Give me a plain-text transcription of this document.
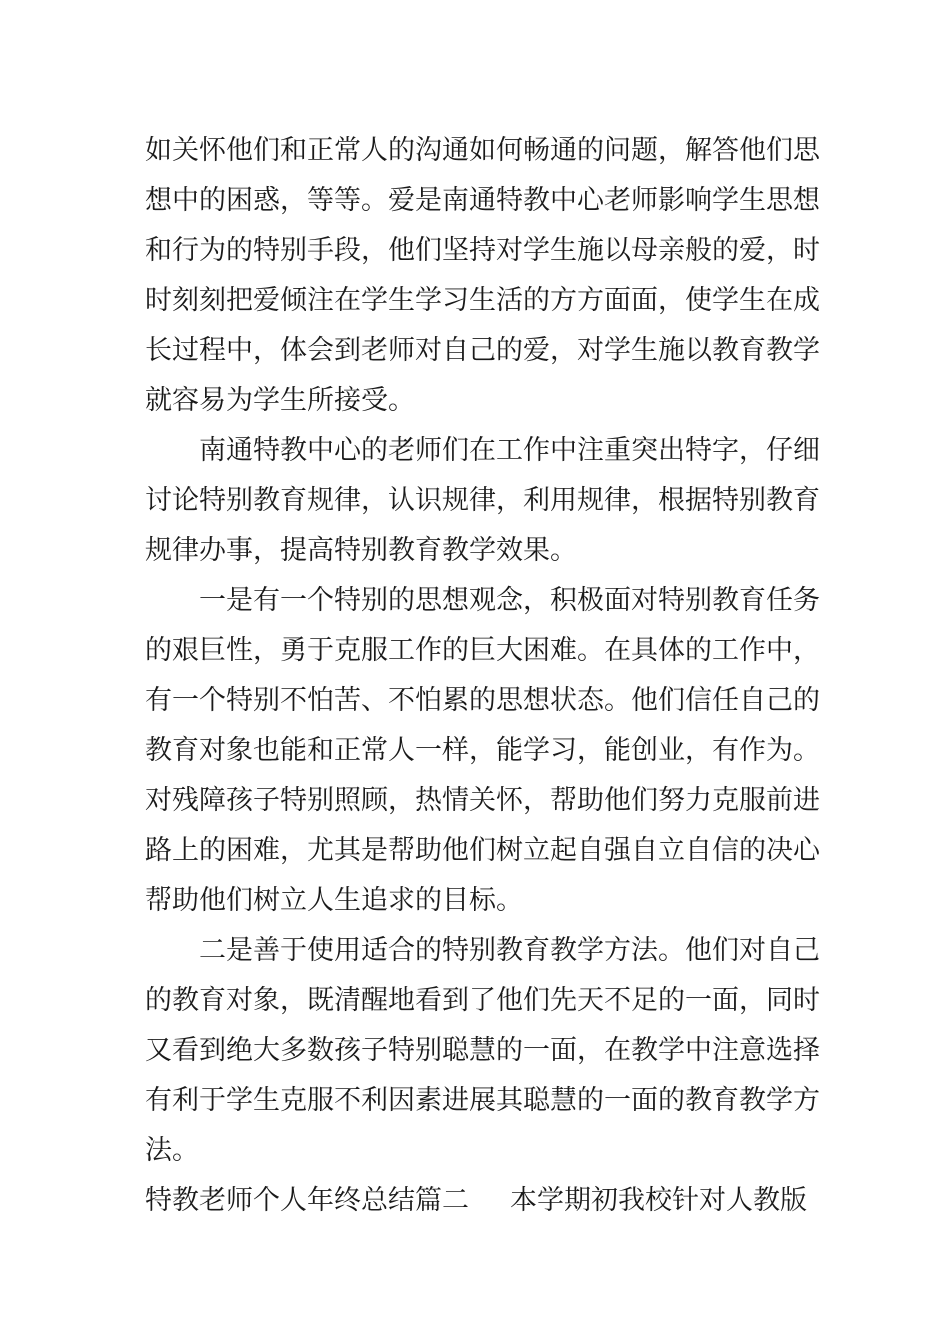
如关怀他们和正常人的沟通如何畅通的问题，解答他们思
想中的困惑，等等。爱是南通特教中心老师影响学生思想
和行为的特别手段，他们坚持对学生施以母亲般的爱，时
时刻刻把爱倾注在学生学习生活的方方面面，使学生在成
长过程中，体会到老师对自己的爱，对学生施以教育教学
就容易为学生所接受。
南通特教中心的老师们在工作中注重突出特字，仔细
讨论特别教育规律，认识规律，利用规律，根据特别教育
规律办事，提高特别教育教学效果。
一是有一个特别的思想观念，积极面对特别教育任务
的艰巨性，勇于克服工作的巨大困难。在具体的工作中，
有一个特别不怕苦、不怕累的思想状态。他们信任自己的
教育对象也能和正常人一样，能学习，能创业，有作为。
对残障孩子特别照顾，热情关怀，帮助他们努力克服前进
路上的困难，尤其是帮助他们树立起自强自立自信的决心
帮助他们树立人生追求的目标。
二是善于使用适合的特别教育教学方法。他们对自己
的教育对象，既清醒地看到了他们先天不足的一面，同时
又看到绝大多数孩子特别聪慧的一面，在教学中注意选择
有利于学生克服不利因素进展其聪慧的一面的教育教学方
法。
特教老师个人年终总结篇二 本学期初我校针对人教版
